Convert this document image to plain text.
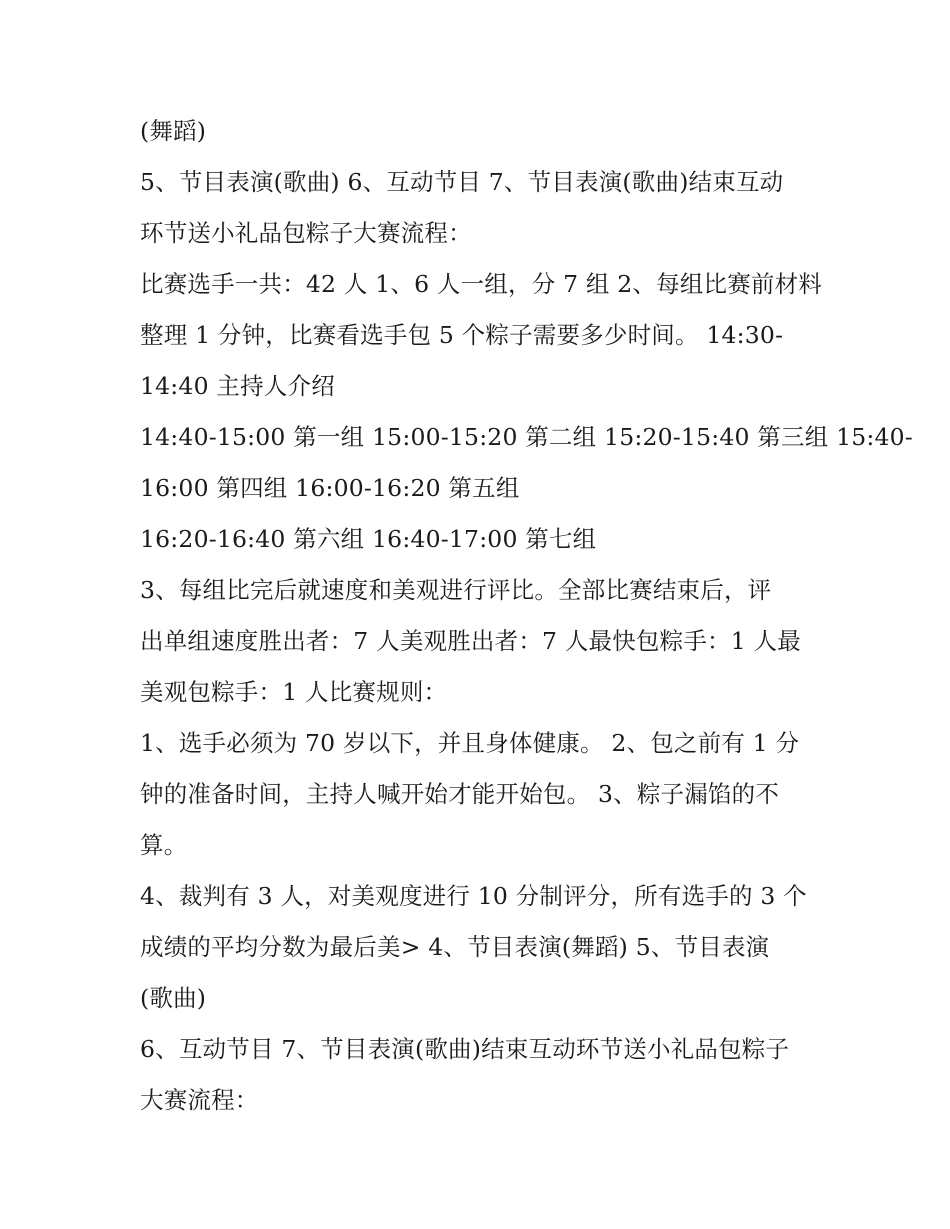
(舞蹈)
5、节目表演(歌曲) 6、互动节目 7、节目表演(歌曲)结束互动
环节送小礼品包粽子大赛流程：
比赛选手一共：42 人 1、6 人一组，分 7 组 2、每组比赛前材料
整理 1 分钟，比赛看选手包 5 个粽子需要多少时间。 14:30-
14:40 主持人介绍
14:40-15:00 第一组 15:00-15:20 第二组 15:20-15:40 第三组 15:40-
16:00 第四组 16:00-16:20 第五组
16:20-16:40 第六组 16:40-17:00 第七组
3、每组比完后就速度和美观进行评比。全部比赛结束后，评
出单组速度胜出者：7 人美观胜出者：7 人最快包粽手：1 人最
美观包粽手：1 人比赛规则：
1、选手必须为 70 岁以下，并且身体健康。 2、包之前有 1 分
钟的准备时间，主持人喊开始才能开始包。 3、粽子漏馅的不
算。
4、裁判有 3 人，对美观度进行 10 分制评分，所有选手的 3 个
成绩的平均分数为最后美> 4、节目表演(舞蹈) 5、节目表演
(歌曲)
6、互动节目 7、节目表演(歌曲)结束互动环节送小礼品包粽子
大赛流程：
